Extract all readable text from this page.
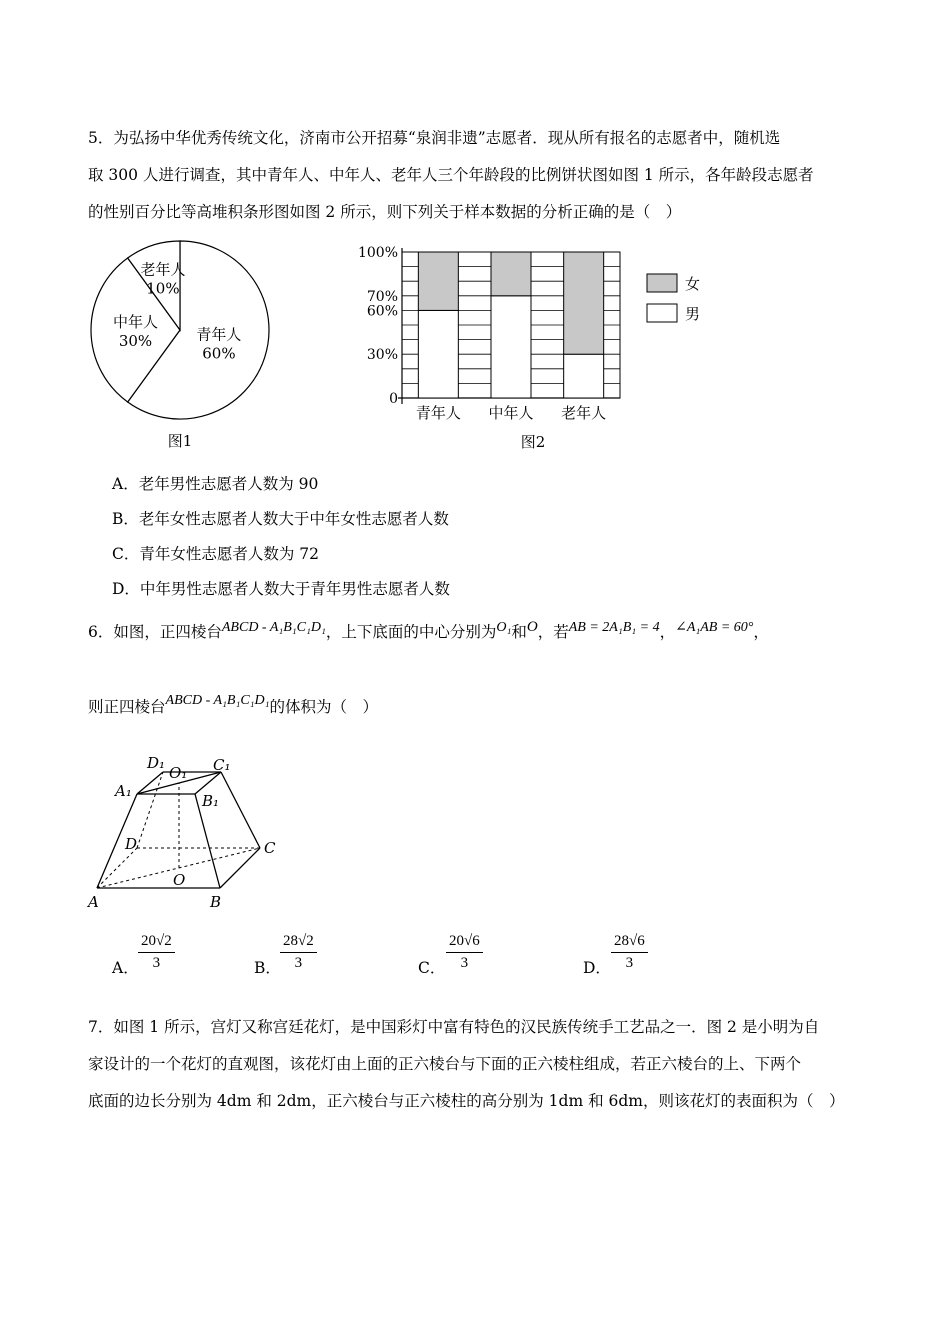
5．为弘扬中华优秀传统文化，济南市公开招募“泉润非遗”志愿者．现从所有报名的志愿者中，随机选
取 300 人进行调查，其中青年人、中年人、老年人三个年龄段的比例饼状图如图 1 所示，各年龄段志愿者
的性别百分比等高堆积条形图如图 2 所示，则下列关于样本数据的分析正确的是（　）
青年人
60%
中年人
30%
老年人
10%
图1
青年人 中年人 老年人
0
30%
60%
70%
100%
女
男
图2
A．老年男性志愿者人数为 90
B．老年女性志愿者人数大于中年女性志愿者人数
C．青年女性志愿者人数为 72
D．中年男性志愿者人数大于青年男性志愿者人数
6．如图，正四棱台ABCD - A₁B₁C₁D₁，上下底面的中心分别为O₁和O，若AB = 2A₁B₁ = 4，∠A₁AB = 60°，
则正四棱台ABCD - A₁B₁C₁D₁的体积为（　）
D₁
O₁ C₁
A₁
B₁
D	C
O
A	B
A． $\frac{20√2}{3}$	B． $\frac{28√2}{3}$	C． $\frac{20√6}{3}$	D． $\frac{28√6}{3}$
7．如图 1 所示，宫灯又称宫廷花灯，是中国彩灯中富有特色的汉民族传统手工艺品之一．图 2 是小明为自
家设计的一个花灯的直观图，该花灯由上面的正六棱台与下面的正六棱柱组成，若正六棱台的上、下两个
底面的边长分别为 4dm 和 2dm，正六棱台与正六棱柱的高分别为 1dm 和 6dm，则该花灯的表面积为（　）
